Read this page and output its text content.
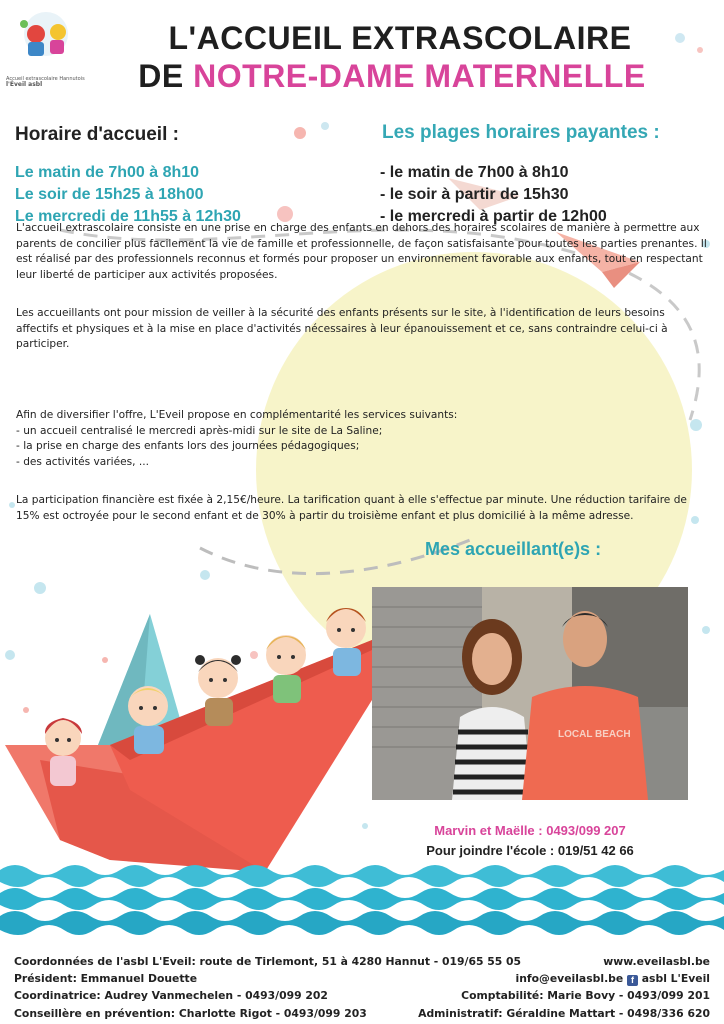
Accueil extrascolaire Hannutois
l'Éveil asbl
L'ACCUEIL EXTRASCOLAIRE
DE NOTRE-DAME MATERNELLE
Horaire d'accueil :	Les plages horaires payantes :
Le matin de 7h00 à 8h10
Le soir de 15h25 à 18h00
Le mercredi de 11h55 à 12h30
- le matin de 7h00 à 8h10
- le soir à partir de 15h30
- le mercredi à partir de 12h00
L'accueil extrascolaire consiste en une prise en charge des enfants en dehors des horaires scolaires de manière à permettre aux parents de concilier plus facilement la vie de famille et professionnelle, de façon satisfaisante pour toutes les parties prenantes. Il est réalisé par des professionnels reconnus et formés pour proposer un environnement favorable aux enfants, tout en respectant leur liberté de participer aux activités proposées.
Les accueillants ont pour mission de veiller à la sécurité des enfants présents sur le site, à l'identification de leurs besoins affectifs et physiques et à la mise en place d'activités nécessaires à leur épanouissement et ce, sans contraindre celui-ci à participer.
Afin de diversifier l'offre, L'Eveil propose en complémentarité les services suivants:
- un accueil centralisé le mercredi après-midi sur le site de La Saline;
- la prise en charge des enfants lors des journées pédagogiques;
- des activités variées, ...
La participation financière est fixée à 2,15€/heure. La tarification quant à elle s'effectue par minute. Une réduction tarifaire de 15% est octroyée pour le second enfant et de 30% à partir du troisième enfant et plus domicilié à la même adresse.
Mes accueillant(e)s :
LOCAL BEACH
Marvin et Maëlle : 0493/099 207
Pour joindre l'école : 019/51 42 66
Coordonnées de l'asbl L'Eveil: route de Tirlemont, 51 à 4280 Hannut - 019/65 55 05
Président: Emmanuel Douette
Coordinatrice: Audrey Vanmechelen - 0493/099 202
Conseillère en prévention: Charlotte Rigot - 0493/099 203
www.eveilasbl.be
info@eveilasbl.be f asbl L'Eveil
Comptabilité: Marie Bovy - 0493/099 201
Administratif: Géraldine Mattart - 0498/336 620
